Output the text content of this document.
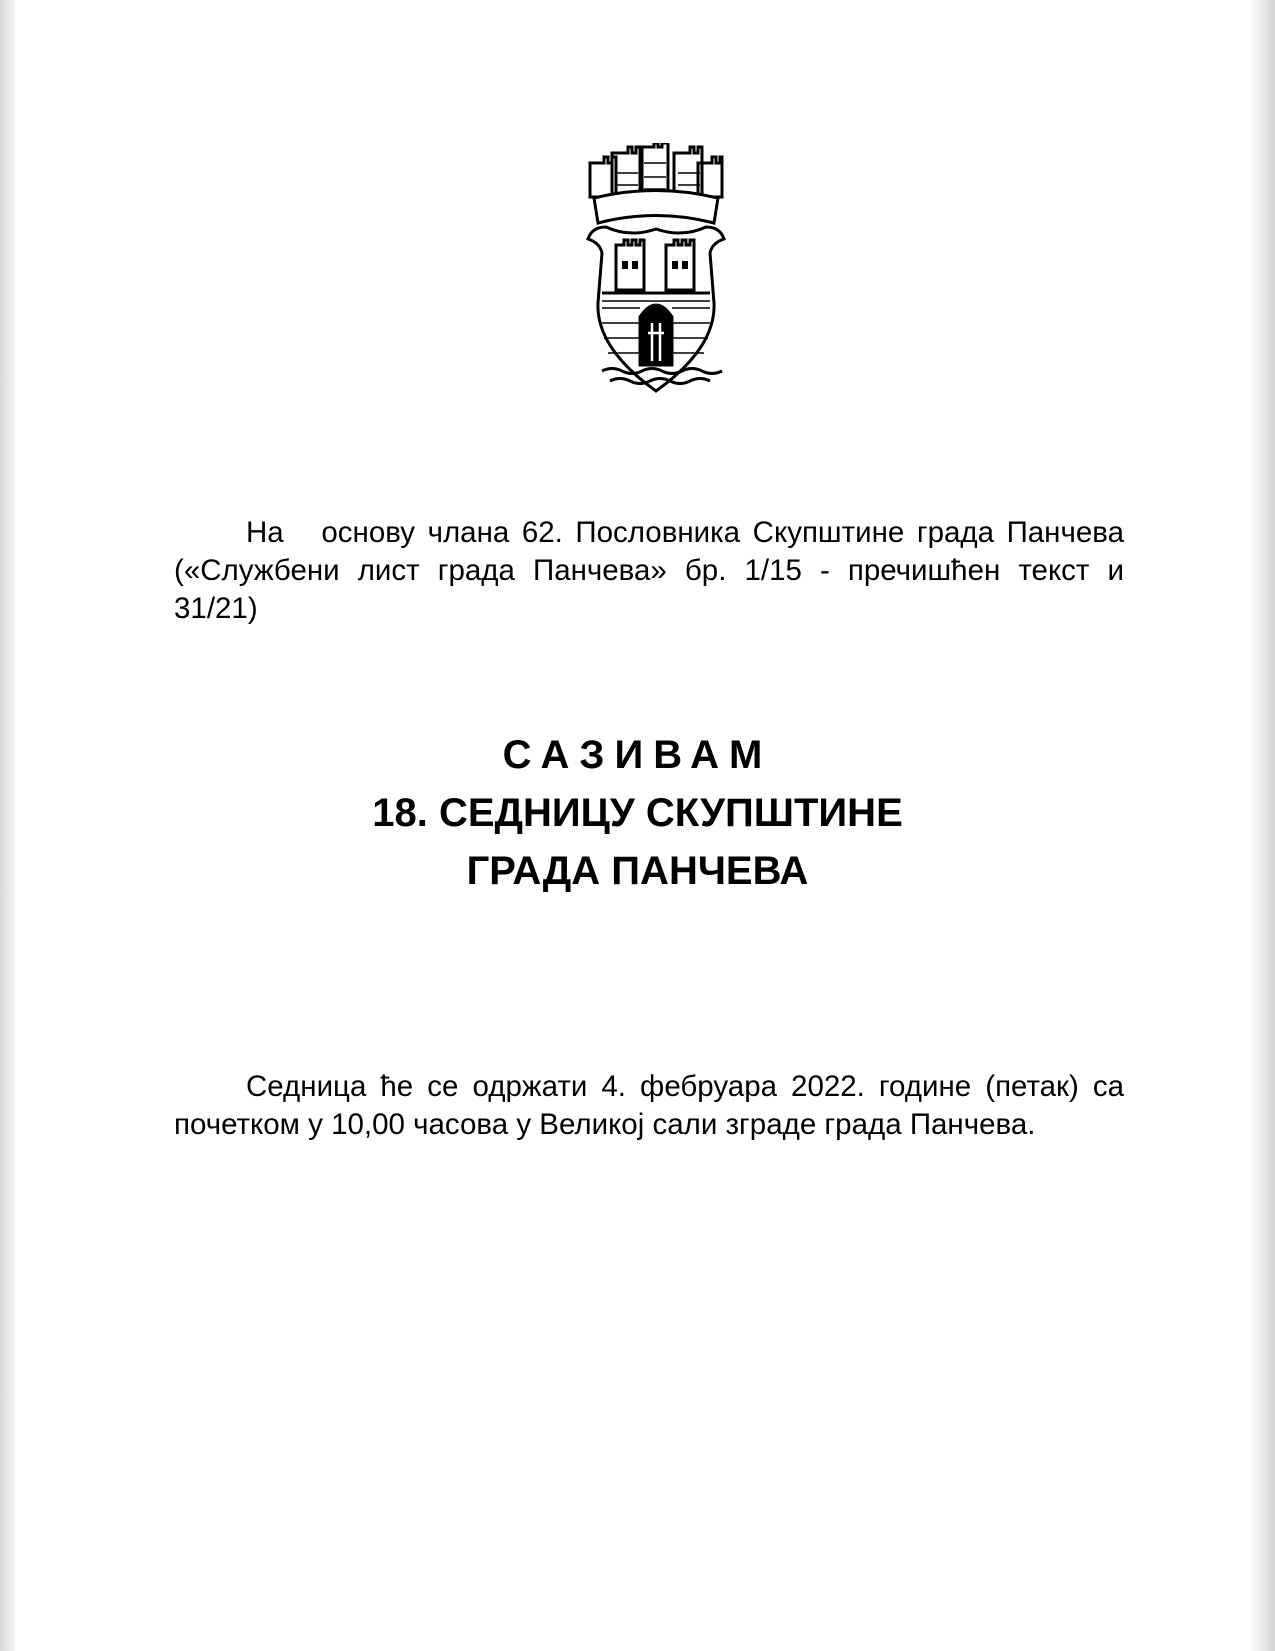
На основу члана 62. Пословника Скупштине града Панчева («Службени лист града Панчева» бр. 1/15 - пречишћен текст и 31/21)
САЗИВАМ
18. СЕДНИЦУ СКУПШТИНЕ
ГРАДА ПАНЧЕВА
Седница ће се одржати 4. фебруара 2022. године (петак) са почетком у 10,00 часова у Великој сали зграде града Панчева.
